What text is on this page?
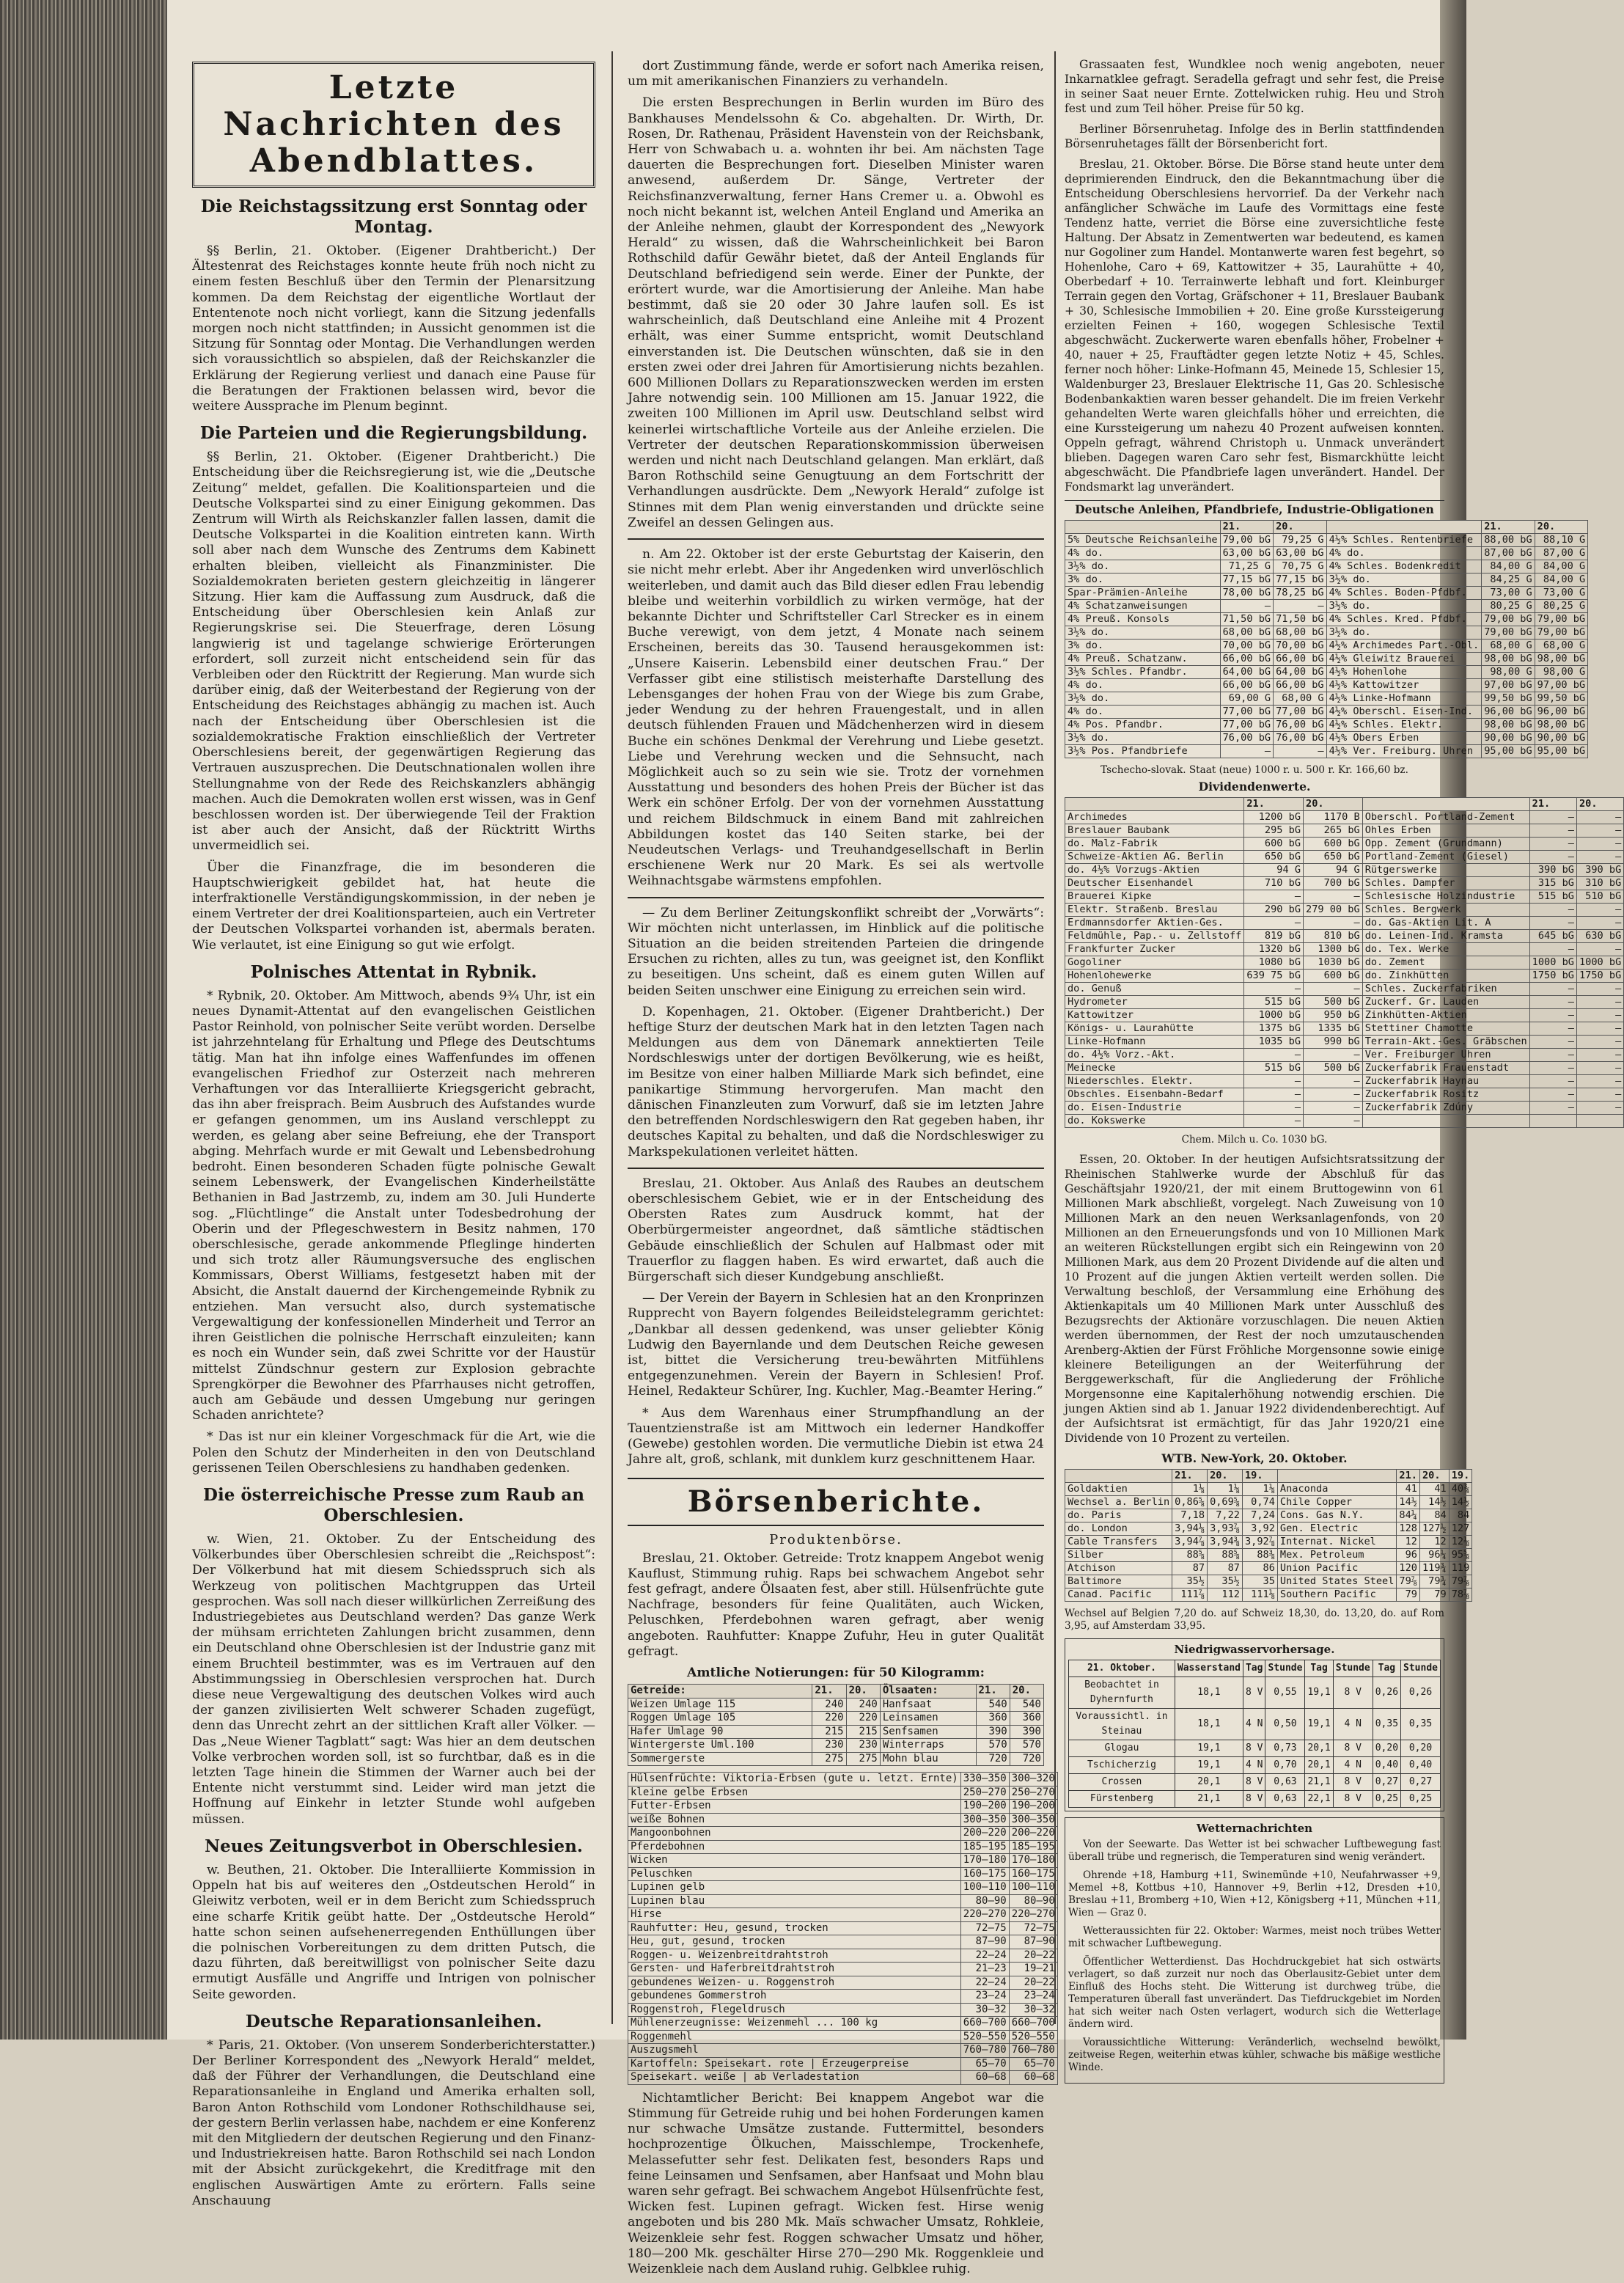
Letzte Nachrichten des Abendblattes.
Die Reichstagssitzung erst Sonntag oder Montag.

§§ Berlin, 21. Oktober. (Eigener Drahtbericht.) Der Ältestenrat des Reichstages konnte heute früh noch nicht zu einem festen Beschluß über den Termin der Plenarsitzung kommen. Da dem Reichstag der eigentliche Wortlaut der Ententenote noch nicht vorliegt, kann die Sitzung jedenfalls morgen noch nicht stattfinden; in Aussicht genommen ist die Sitzung für Sonntag oder Montag. Die Verhandlungen werden sich voraussichtlich so abspielen, daß der Reichskanzler die Erklärung der Regierung verliest und danach eine Pause für die Beratungen der Fraktionen belassen wird, bevor die weitere Aussprache im Plenum beginnt.

Die Parteien und die Regierungsbildung.

§§ Berlin, 21. Oktober. (Eigener Drahtbericht.) Die Entscheidung über die Reichsregierung ist, wie die „Deutsche Zeitung“ meldet, gefallen. Die Koalitionsparteien und die Deutsche Volkspartei sind zu einer Einigung gekommen. Das Zentrum will Wirth als Reichskanzler fallen lassen, damit die Deutsche Volkspartei in die Koalition eintreten kann. Wirth soll aber nach dem Wunsche des Zentrums dem Kabinett erhalten bleiben, vielleicht als Finanzminister. Die Sozialdemokraten berieten gestern gleichzeitig in längerer Sitzung. Hier kam die Auffassung zum Ausdruck, daß die Entscheidung über Oberschlesien kein Anlaß zur Regierungskrise sei. Die Steuerfrage, deren Lösung langwierig ist und tagelange schwierige Erörterungen erfordert, soll zurzeit nicht entscheidend sein für das Verbleiben oder den Rücktritt der Regierung. Man wurde sich darüber einig, daß der Weiterbestand der Regierung von der Entscheidung des Reichstages abhängig zu machen ist. Auch nach der Entscheidung über Oberschlesien ist die sozialdemokratische Fraktion einschließlich der Vertreter Oberschlesiens bereit, der gegenwärtigen Regierung das Vertrauen auszusprechen. Die Deutschnationalen wollen ihre Stellungnahme von der Rede des Reichskanzlers abhängig machen. Auch die Demokraten wollen erst wissen, was in Genf beschlossen worden ist. Der überwiegende Teil der Fraktion ist aber auch der Ansicht, daß der Rücktritt Wirths unvermeidlich sei.

Über die Finanzfrage, die im besonderen die Hauptschwierigkeit gebildet hat, hat heute die interfraktionelle Verständigungskommission, in der neben je einem Vertreter der drei Koalitionsparteien, auch ein Vertreter der Deutschen Volkspartei vorhanden ist, abermals beraten. Wie verlautet, ist eine Einigung so gut wie erfolgt.

Polnisches Attentat in Rybnik.

* Rybnik, 20. Oktober. Am Mittwoch, abends 9¾ Uhr, ist ein neues Dynamit-Attentat auf den evangelischen Geistlichen Pastor Reinhold, von polnischer Seite verübt worden. Derselbe ist jahrzehntelang für Erhaltung und Pflege des Deutschtums tätig. Man hat ihn infolge eines Waffenfundes im offenen evangelischen Friedhof zur Osterzeit nach mehreren Verhaftungen vor das Interalliierte Kriegsgericht gebracht, das ihn aber freisprach. Beim Ausbruch des Aufstandes wurde er gefangen genommen, um ins Ausland verschleppt zu werden, es gelang aber seine Befreiung, ehe der Transport abging. Mehrfach wurde er mit Gewalt und Lebensbedrohung bedroht. Einen besonderen Schaden fügte polnische Gewalt seinem Lebenswerk, der Evangelischen Kinderheilstätte Bethanien in Bad Jastrzemb, zu, indem am 30. Juli Hunderte sog. „Flüchtlinge“ die Anstalt unter Todesbedrohung der Oberin und der Pflegeschwestern in Besitz nahmen, 170 oberschlesische, gerade ankommende Pfleglinge hinderten und sich trotz aller Räumungsversuche des englischen Kommissars, Oberst Williams, festgesetzt haben mit der Absicht, die Anstalt dauernd der Kirchengemeinde Rybnik zu entziehen. Man versucht also, durch systematische Vergewaltigung der konfessionellen Minderheit und Terror an ihren Geistlichen die polnische Herrschaft einzuleiten; kann es noch ein Wunder sein, daß zwei Schritte vor der Haustür mittelst Zündschnur gestern zur Explosion gebrachte Sprengkörper die Bewohner des Pfarrhauses nicht getroffen, auch am Gebäude und dessen Umgebung nur geringen Schaden anrichtete?

* Das ist nur ein kleiner Vorgeschmack für die Art, wie die Polen den Schutz der Minderheiten in den von Deutschland gerissenen Teilen Oberschlesiens zu handhaben gedenken.

Die österreichische Presse zum Raub an Oberschlesien.

w. Wien, 21. Oktober. Zu der Entscheidung des Völkerbundes über Oberschlesien schreibt die „Reichspost“: Der Völkerbund hat mit diesem Schiedsspruch sich als Werkzeug von politischen Machtgruppen das Urteil gesprochen. Was soll nach dieser willkürlichen Zerreißung des Industriegebietes aus Deutschland werden? Das ganze Werk der mühsam errichteten Zahlungen bricht zusammen, denn ein Deutschland ohne Oberschlesien ist der Industrie ganz mit einem Bruchteil bestimmter, was es im Vertrauen auf den Abstimmungssieg in Oberschlesien versprochen hat. Durch diese neue Vergewaltigung des deutschen Volkes wird auch der ganzen zivilisierten Welt schwerer Schaden zugefügt, denn das Unrecht zehrt an der sittlichen Kraft aller Völker. — Das „Neue Wiener Tagblatt“ sagt: Was hier an dem deutschen Volke verbrochen worden soll, ist so furchtbar, daß es in die letzten Tage hinein die Stimmen der Warner auch bei der Entente nicht verstummt sind. Leider wird man jetzt die Hoffnung auf Einkehr in letzter Stunde wohl aufgeben müssen.

Neues Zeitungsverbot in Oberschlesien.

w. Beuthen, 21. Oktober. Die Interalliierte Kommission in Oppeln hat bis auf weiteres den „Ostdeutschen Herold“ in Gleiwitz verboten, weil er in dem Bericht zum Schiedsspruch eine scharfe Kritik geübt hatte. Der „Ostdeutsche Herold“ hatte schon seinen aufsehenerregenden Enthüllungen über die polnischen Vorbereitungen zu dem dritten Putsch, die dazu führten, daß bereitwilligst von polnischer Seite dazu ermutigt Ausfälle und Angriffe und Intrigen von polnischer Seite geworden.

Deutsche Reparationsanleihen.

* Paris, 21. Oktober. (Von unserem Sonderberichterstatter.) Der Berliner Korrespondent des „Newyork Herald“ meldet, daß der Führer der Verhandlungen, die Deutschland eine Reparationsanleihe in England und Amerika erhalten soll, Baron Anton Rothschild vom Londoner Rothschildhause sei, der gestern Berlin verlassen habe, nachdem er eine Konferenz mit den Mitgliedern der deutschen Regierung und den Finanz- und Industriekreisen hatte. Baron Rothschild sei nach London mit der Absicht zurückgekehrt, die Kreditfrage mit den englischen Auswärtigen Amte zu erörtern. Falls seine Anschauung

dort Zustimmung fände, werde er sofort nach Amerika reisen, um mit amerikanischen Finanziers zu verhandeln.

Die ersten Besprechungen in Berlin wurden im Büro des Bankhauses Mendelssohn & Co. abgehalten. Dr. Wirth, Dr. Rosen, Dr. Rathenau, Präsident Havenstein von der Reichsbank, Herr von Schwabach u. a. wohnten ihr bei. Am nächsten Tage dauerten die Besprechungen fort. Dieselben Minister waren anwesend, außerdem Dr. Sänge, Vertreter der Reichsfinanzverwaltung, ferner Hans Cremer u. a. Obwohl es noch nicht bekannt ist, welchen Anteil England und Amerika an der Anleihe nehmen, glaubt der Korrespondent des „Newyork Herald“ zu wissen, daß die Wahrscheinlichkeit bei Baron Rothschild dafür Gewähr bietet, daß der Anteil Englands für Deutschland befriedigend sein werde. Einer der Punkte, der erörtert wurde, war die Amortisierung der Anleihe. Man habe bestimmt, daß sie 20 oder 30 Jahre laufen soll. Es ist wahrscheinlich, daß Deutschland eine Anleihe mit 4 Prozent erhält, was einer Summe entspricht, womit Deutschland einverstanden ist. Die Deutschen wünschten, daß sie in den ersten zwei oder drei Jahren für Amortisierung nichts bezahlen. 600 Millionen Dollars zu Reparationszwecken werden im ersten Jahre notwendig sein. 100 Millionen am 15. Januar 1922, die zweiten 100 Millionen im April usw. Deutschland selbst wird keinerlei wirtschaftliche Vorteile aus der Anleihe erzielen. Die Vertreter der deutschen Reparationskommission überweisen werden und nicht nach Deutschland gelangen. Man erklärt, daß Baron Rothschild seine Genugtuung an dem Fortschritt der Verhandlungen ausdrückte. Dem „Newyork Herald“ zufolge ist Stinnes mit dem Plan wenig einverstanden und drückte seine Zweifel an dessen Gelingen aus.

n. Am 22. Oktober ist der erste Geburtstag der Kaiserin, den sie nicht mehr erlebt. Aber ihr Angedenken wird unverlöschlich weiterleben, und damit auch das Bild dieser edlen Frau lebendig bleibe und weiterhin vorbildlich zu wirken vermöge, hat der bekannte Dichter und Schriftsteller Carl Strecker es in einem Buche verewigt, von dem jetzt, 4 Monate nach seinem Erscheinen, bereits das 30. Tausend herausgekommen ist: „Unsere Kaiserin. Lebensbild einer deutschen Frau.“ Der Verfasser gibt eine stilistisch meisterhafte Darstellung des Lebensganges der hohen Frau von der Wiege bis zum Grabe, jeder Wendung zu der hehren Frauengestalt, und in allen deutsch fühlenden Frauen und Mädchenherzen wird in diesem Buche ein schönes Denkmal der Verehrung und Liebe gesetzt. Liebe und Verehrung wecken und die Sehnsucht, nach Möglichkeit auch so zu sein wie sie. Trotz der vornehmen Ausstattung und besonders des hohen Preis der Bücher ist das Werk ein schöner Erfolg. Der von der vornehmen Ausstattung und reichem Bildschmuck in einem Band mit zahlreichen Abbildungen kostet das 140 Seiten starke, bei der Neudeutschen Verlags- und Treuhandgesellschaft in Berlin erschienene Werk nur 20 Mark. Es sei als wertvolle Weihnachtsgabe wärmstens empfohlen.

— Zu dem Berliner Zeitungskonflikt schreibt der „Vorwärts“: Wir möchten nicht unterlassen, im Hinblick auf die politische Situation an die beiden streitenden Parteien die dringende Ersuchen zu richten, alles zu tun, was geeignet ist, den Konflikt zu beseitigen. Uns scheint, daß es einem guten Willen auf beiden Seiten unschwer eine Einigung zu erreichen sein wird.

D. Kopenhagen, 21. Oktober. (Eigener Drahtbericht.) Der heftige Sturz der deutschen Mark hat in den letzten Tagen nach Meldungen aus dem von Dänemark annektierten Teile Nordschleswigs unter der dortigen Bevölkerung, wie es heißt, im Besitze von einer halben Milliarde Mark sich befindet, eine panikartige Stimmung hervorgerufen. Man macht den dänischen Finanzleuten zum Vorwurf, daß sie im letzten Jahre den betreffenden Nordschleswigern den Rat gegeben haben, ihr deutsches Kapital zu behalten, und daß die Nordschleswiger zu Markspekulationen verleitet hätten.

Breslau, 21. Oktober. Aus Anlaß des Raubes an deutschem oberschlesischem Gebiet, wie er in der Entscheidung des Obersten Rates zum Ausdruck kommt, hat der Oberbürgermeister angeordnet, daß sämtliche städtischen Gebäude einschließlich der Schulen auf Halbmast oder mit Trauerflor zu flaggen haben. Es wird erwartet, daß auch die Bürgerschaft sich dieser Kundgebung anschließt.

— Der Verein der Bayern in Schlesien hat an den Kronprinzen Rupprecht von Bayern folgendes Beileidstelegramm gerichtet: „Dankbar all dessen gedenkend, was unser geliebter König Ludwig den Bayernlande und dem Deutschen Reiche gewesen ist, bittet die Versicherung treu-bewährten Mitfühlens entgegenzunehmen. Verein der Bayern in Schlesien! Prof. Heinel, Redakteur Schürer, Ing. Kuchler, Mag.-Beamter Hering.“

* Aus dem Warenhaus einer Strumpfhandlung an der Tauentzienstraße ist am Mittwoch ein lederner Handkoffer (Gewebe) gestohlen worden. Die vermutliche Diebin ist etwa 24 Jahre alt, groß, schlank, mit dunklem kurz geschnittenem Haar.

Börsenberichte.
Produktenbörse.

Breslau, 21. Oktober. Getreide: Trotz knappem Angebot wenig Kauflust, Stimmung ruhig. Raps bei schwachem Angebot sehr fest gefragt, andere Ölsaaten fest, aber still. Hülsenfrüchte gute Nachfrage, besonders für feine Qualitäten, auch Wicken, Peluschken, Pferdebohnen waren gefragt, aber wenig angeboten. Rauhfutter: Knappe Zufuhr, Heu in guter Qualität gefragt.

Amtliche Notierungen: für 50 Kilogramm:
Getreide:	21.	20.	Ölsaaten:	21.	20.
Weizen Umlage 115	240	240	Hanfsaat	540	540
Roggen Umlage 105	220	220	Leinsamen	360	360
Hafer Umlage 90	215	215	Senfsamen	390	390
Wintergerste Uml.100	230	230	Winterraps	570	570
Sommergerste	275	275	Mohn blau	720	720
Hülsenfrüchte: Viktoria-Erbsen (gute u. letzt. Ernte)	330—350	300—320
kleine gelbe Erbsen	250—270	250—270
Futter-Erbsen	190—200	190—200
weiße Bohnen	300—350	300—350
Mangoonbohnen	200—220	200—220
Pferdebohnen	185—195	185—195
Wicken	170—180	170—180
Peluschken	160—175	160—175
Lupinen gelb	100—110	100—110
Lupinen blau	80—90	80—90
Hirse	220—270	220—270
Rauhfutter: Heu, gesund, trocken	72—75	72—75
Heu, gut, gesund, trocken	87—90	87—90
Roggen- u. Weizenbreitdrahtstroh	22—24	20—22
Gersten- und Haferbreitdrahtstroh	21—23	19—21
gebundenes Weizen- u. Roggenstroh	22—24	20—22
gebundenes Gommerstroh	23—24	23—24
Roggenstroh, Flegeldrusch	30—32	30—32
Mühlenerzeugnisse: Weizenmehl ... 100 kg	660—700	660—700
Roggenmehl	520—550	520—550
Auszugsmehl	760—780	760—780
Kartoffeln: Speisekart. rote | Erzeugerpreise	65—70	65—70
Speisekart. weiße | ab Verladestation	60—68	60—68

Nichtamtlicher Bericht: Bei knappem Angebot war die Stimmung für Getreide ruhig und bei hohen Forderungen kamen nur schwache Umsätze zustande. Futtermittel, besonders hochprozentige Ölkuchen, Maisschlempe, Trockenhefe, Melassefutter sehr fest. Delikaten fest, besonders Raps und feine Leinsamen und Senfsamen, aber Hanfsaat und Mohn blau waren sehr gefragt. Bei schwachem Angebot Hülsenfrüchte fest, Wicken fest. Lupinen gefragt. Wicken fest. Hirse wenig angeboten und bis 280 Mk. Maïs schwacher Umsatz, Rohkleie, Weizenkleie sehr fest. Roggen schwacher Umsatz und höher, 180—200 Mk. geschälter Hirse 270—290 Mk. Roggenkleie und Weizenkleie nach dem Ausland ruhig. Gelbklee ruhig.

Grassaaten fest, Wundklee noch wenig angeboten, neuer Inkarnatklee gefragt. Seradella gefragt und sehr fest, die Preise in seiner Saat neuer Ernte. Zottelwicken ruhig. Heu und Stroh fest und zum Teil höher. Preise für 50 kg.

Berliner Börsenruhetag. Infolge des in Berlin stattfindenden Börsenruhetages fällt der Börsenbericht fort.

Breslau, 21. Oktober. Börse. Die Börse stand heute unter dem deprimierenden Eindruck, den die Bekanntmachung über die Entscheidung Oberschlesiens hervorrief. Da der Verkehr nach anfänglicher Schwäche im Laufe des Vormittags eine feste Tendenz hatte, verriet die Börse eine zuversichtliche feste Haltung. Der Absatz in Zementwerten war bedeutend, es kamen nur Gogoliner zum Handel. Montanwerte waren fest begehrt, so Hohenlohe, Caro + 69, Kattowitzer + 35, Laurahütte + 40, Oberbedarf + 10. Terrainwerte lebhaft und fort. Kleinburger Terrain gegen den Vortag, Gräfschoner + 11, Breslauer Baubank + 30, Schlesische Immobilien + 20. Eine große Kurssteigerung erzielten Feinen + 160, wogegen Schlesische Textil abgeschwächt. Zuckerwerte waren ebenfalls höher, Frobelner + 40, nauer + 25, Frauftädter gegen letzte Notiz + 45, Schles. ferner noch höher: Linke-Hofmann 45, Meinede 15, Schlesier 15, Waldenburger 23, Breslauer Elektrische 11, Gas 20. Schlesische Bodenbankaktien waren besser gehandelt. Die im freien Verkehr gehandelten Werte waren gleichfalls höher und erreichten, die eine Kurssteigerung um nahezu 40 Prozent aufweisen konnten. Oppeln gefragt, während Christoph u. Unmack unverändert blieben. Dagegen waren Caro sehr fest, Bismarckhütte leicht abgeschwächt. Die Pfandbriefe lagen unverändert. Handel. Der Fondsmarkt lag unverändert.

Deutsche Anleihen, Pfandbriefe, Industrie-Obligationen
	21.	20.		21.	20.
5% Deutsche Reichsanleihe	79,00 bG	79,25 G	4½% Schles. Rentenbriefe	88,00 bG	88,10 G
4% do.	63,00 bG	63,00 bG	4% do.	87,00 bG	87,00 G
3½% do.	71,25 G	70,75 G	4% Schles. Bodenkredit	84,00 G	84,00 G
3% do.	77,15 bG	77,15 bG	3½% do.	84,25 G	84,00 G
Spar-Prämien-Anleihe	78,00 bG	78,25 bG	4% Schles. Boden-Pfdbf.	73,00 G	73,00 G
4% Schatzanweisungen	—	—	3½% do.	80,25 G	80,25 G
4% Preuß. Konsols	71,50 bG	71,50 bG	4% Schles. Kred. Pfdbf.	79,00 bG	79,00 bG
3½% do.	68,00 bG	68,00 bG	3½% do.	79,00 bG	79,00 bG
3% do.	70,00 bG	70,00 bG	4½% Archimedes Part.-Obl.	68,00 G	68,00 G
4% Preuß. Schatzanw.	66,00 bG	66,00 bG	4½% Gleiwitz Brauerei	98,00 bG	98,00 bG
3½% Schles. Pfandbr.	64,00 bG	64,00 bG	4½% Hohenlohe	98,00 G	98,00 G
4% do.	66,00 bG	66,00 bG	4½% Kattowitzer	97,00 bG	97,00 bG
3½% do.	69,00 G	68,00 G	4½% Linke-Hofmann	99,50 bG	99,50 bG
4% do.	77,00 bG	77,00 bG	4½% Oberschl. Eisen-Ind.	96,00 bG	96,00 bG
4% Pos. Pfandbr.	77,00 bG	76,00 bG	4½% Schles. Elektr.	98,00 bG	98,00 bG
3½% do.	76,00 bG	76,00 bG	4½% Obers Erben	90,00 bG	90,00 bG
3½% Pos. Pfandbriefe	—	—	4½% Ver. Freiburg. Uhren	95,00 bG	95,00 bG
Tschecho-slovak. Staat (neue) 1000 r. u. 500 r. Kr. 166,60 bz.
Dividendenwerte.
	21.	20.		21.	20.
Archimedes	1200 bG	1170 B	Oberschl. Portland-Zement	—	—
Breslauer Baubank	295 bG	265 bG	Ohles Erben	—	—
do. Malz-Fabrik	600 bG	600 bG	Opp. Zement (Grundmann)	—	—
Schweize-Aktien AG. Berlin	650 bG	650 bG	Portland-Zement (Giesel)	—	—
do. 4½% Vorzugs-Aktien	94 G	94 G	Rütgerswerke	390 bG	390 bG
Deutscher Eisenhandel	710 bG	700 bG	Schles. Dampfer	315 bG	310 bG
Brauerei Kipke	—	—	Schlesische Holzindustrie	515 bG	510 bG
Elektr. Straßenb. Breslau	290 bG	279 00 bG	Schles. Bergwerk	—	—
Erdmannsdorfer Aktien-Ges.	—	—	do. Gas-Aktien Lit. A	—	—
Feldmühle, Pap.- u. Zellstoff	819 bG	810 bG	do. Leinen-Ind. Kramsta	645 bG	630 bG
Frankfurter Zucker	1320 bG	1300 bG	do. Tex. Werke	—	—
Gogoliner	1080 bG	1030 bG	do. Zement	1000 bG	1000 bG
Hohenlohewerke	639 75 bG	600 bG	do. Zinkhütten	1750 bG	1750 bG
do. Genuß	—	—	Schles. Zuckerfabriken	—	—
Hydrometer	515 bG	500 bG	Zuckerf. Gr. Lauden	—	—
Kattowitzer	1000 bG	950 bG	Zinkhütten-Aktien	—	—
Königs- u. Laurahütte	1375 bG	1335 bG	Stettiner Chamotte	—	—
Linke-Hofmann	1035 bG	990 bG	Terrain-Akt.-Ges. Gräbschen	—	—
do. 4½% Vorz.-Akt.	—	—	Ver. Freiburger Uhren	—	—
Meinecke	515 bG	500 bG	Zuckerfabrik Frauenstadt	—	—
Niederschles. Elektr.	—	—	Zuckerfabrik Haynau	—	—
Obschles. Eisenbahn-Bedarf	—	—	Zuckerfabrik Rositz	—	—
do. Eisen-Industrie	—	—	Zuckerfabrik Zdúny	—	—
do. Kokswerke	—	—			
Chem. Milch u. Co. 1030 bG.

Essen, 20. Oktober. In der heutigen Aufsichtsratssitzung der Rheinischen Stahlwerke wurde der Abschluß für das Geschäftsjahr 1920/21, der mit einem Bruttogewinn von 61 Millionen Mark abschließt, vorgelegt. Nach Zuweisung von 10 Millionen Mark an den neuen Werksanlagenfonds, von 20 Millionen an den Erneuerungsfonds und von 10 Millionen Mark an weiteren Rückstellungen ergibt sich ein Reingewinn von 20 Millionen Mark, aus dem 20 Prozent Dividende auf die alten und 10 Prozent auf die jungen Aktien verteilt werden sollen. Die Verwaltung beschloß, der Versammlung eine Erhöhung des Aktienkapitals um 40 Millionen Mark unter Ausschluß des Bezugsrechts der Aktionäre vorzuschlagen. Die neuen Aktien werden übernommen, der Rest der noch umzutauschenden Arenberg-Aktien der Fürst Fröhliche Morgensonne sowie einige kleinere Beteiligungen an der Weiterführung der Berggewerkschaft, für die Angliederung der Fröhliche Morgensonne eine Kapitalerhöhung notwendig erschien. Die jungen Aktien sind ab 1. Januar 1922 dividendenberechtigt. Auf der Aufsichtsrat ist ermächtigt, für das Jahr 1920/21 eine Dividende von 10 Prozent zu verteilen.

WTB. New-York, 20. Oktober.
	21.	20.	19.		21.	20.	19.
Goldaktien	1⅛	1⅛	1⅛	Anaconda	41	41	40¾
Wechsel a. Berlin	0,86⅝	0,69⅝	0,74	Chile Copper	14½	14½	14½
do. Paris	7,18	7,22	7,24	Cons. Gas N.Y.	84¼	84	84
do. London	3,94⅛	3,93⅞	3,92	Gen. Electric	128	127½	127
Cable Transfers	3,94⅞	3,94⅜	3,92⅞	Internat. Nickel	12	12	12⅛
Silber	88⅝	88⅝	88⅜	Mex. Petroleum	96	96¼	95⅝
Atchison	87	87	86	Union Pacific	120	119¾	119
Baltimore	35½	35½	35	United States Steel	79⅞	79¾	79⅞
Canad. Pacific	111⅞	112	111⅛	Southern Pacific	79	79	78⅞
Wechsel auf Belgien 7,20 do. auf Schweiz 18,30, do. 13,20, do. auf Rom 3,95, auf Amsterdam 33,95.
Niedrigwasservorhersage.
21. Oktober.	Wasserstand	Tag	Stunde	Tag	Stunde	Tag	Stunde
Beobachtet in Dyhernfurth	18,1	8 V	0,55	19,1	8 V	0,26	0,26
Voraussichtl. in Steinau	18,1	4 N	0,50	19,1	4 N	0,35	0,35
Glogau	19,1	8 V	0,73	20,1	8 V	0,20	0,20
Tschicherzig	19,1	4 N	0,70	20,1	4 N	0,40	0,40
Crossen	20,1	8 V	0,63	21,1	8 V	0,27	0,27
Fürstenberg	21,1	8 V	0,63	22,1	8 V	0,25	0,25
Wetternachrichten

Von der Seewarte. Das Wetter ist bei schwacher Luftbewegung fast überall trübe und regnerisch, die Temperaturen sind wenig verändert.

Ohrende +18, Hamburg +11, Swinemünde +10, Neufahrwasser +9, Memel +8, Kottbus +10, Hannover +9, Berlin +12, Dresden +10, Breslau +11, Bromberg +10, Wien +12, Königsberg +11, München +11, Wien — Graz 0.

Wetteraussichten für 22. Oktober: Warmes, meist noch trübes Wetter mit schwacher Luftbewegung.

Öffentlicher Wetterdienst. Das Hochdruckgebiet hat sich ostwärts verlagert, so daß zurzeit nur noch das Oberlausitz-Gebiet unter dem Einfluß des Hochs steht. Die Witterung ist durchweg trübe, die Temperaturen überall fast unverändert. Das Tiefdruckgebiet im Norden hat sich weiter nach Osten verlagert, wodurch sich die Wetterlage ändern wird.

Voraussichtliche Witterung: Veränderlich, wechselnd bewölkt, zeitweise Regen, weiterhin etwas kühler, schwache bis mäßige westliche Winde.
